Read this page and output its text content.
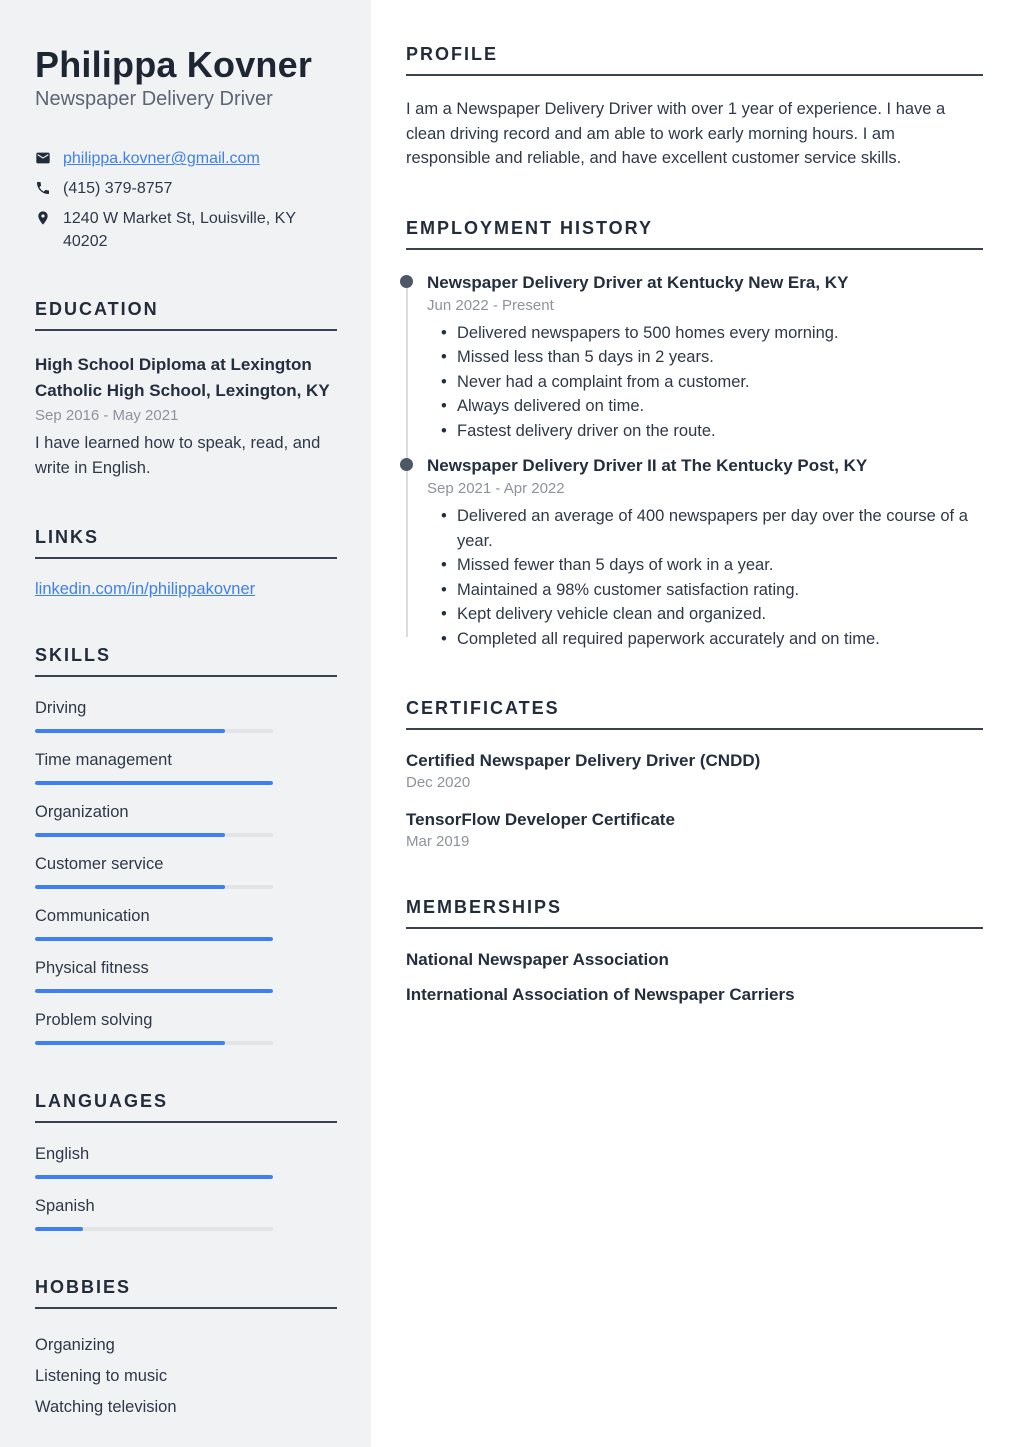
Philippa Kovner
Newspaper Delivery Driver
philippa.kovner@gmail.com
(415) 379-8757
1240 W Market St, Louisville, KY 40202
EDUCATION
High School Diploma at Lexington Catholic High School, Lexington, KY
Sep 2016 - May 2021
I have learned how to speak, read, and write in English.
LINKS
linkedin.com/in/philippakovner
SKILLS
Driving
Time management
Organization
Customer service
Communication
Physical fitness
Problem solving
LANGUAGES
English
Spanish
HOBBIES
Organizing
Listening to music
Watching television
PROFILE

I am a Newspaper Delivery Driver with over 1 year of experience. I have a clean driving record and am able to work early morning hours. I am responsible and reliable, and have excellent customer service skills.

EMPLOYMENT HISTORY
Newspaper Delivery Driver at Kentucky New Era, KY
Jun 2022 - Present
• Delivered newspapers to 500 homes every morning.
• Missed less than 5 days in 2 years.
• Never had a complaint from a customer.
• Always delivered on time.
• Fastest delivery driver on the route.
Newspaper Delivery Driver II at The Kentucky Post, KY
Sep 2021 - Apr 2022
• Delivered an average of 400 newspapers per day over the course of a year.
• Missed fewer than 5 days of work in a year.
• Maintained a 98% customer satisfaction rating.
• Kept delivery vehicle clean and organized.
• Completed all required paperwork accurately and on time.
CERTIFICATES
Certified Newspaper Delivery Driver (CNDD)
Dec 2020
TensorFlow Developer Certificate
Mar 2019
MEMBERSHIPS
National Newspaper Association
International Association of Newspaper Carriers
